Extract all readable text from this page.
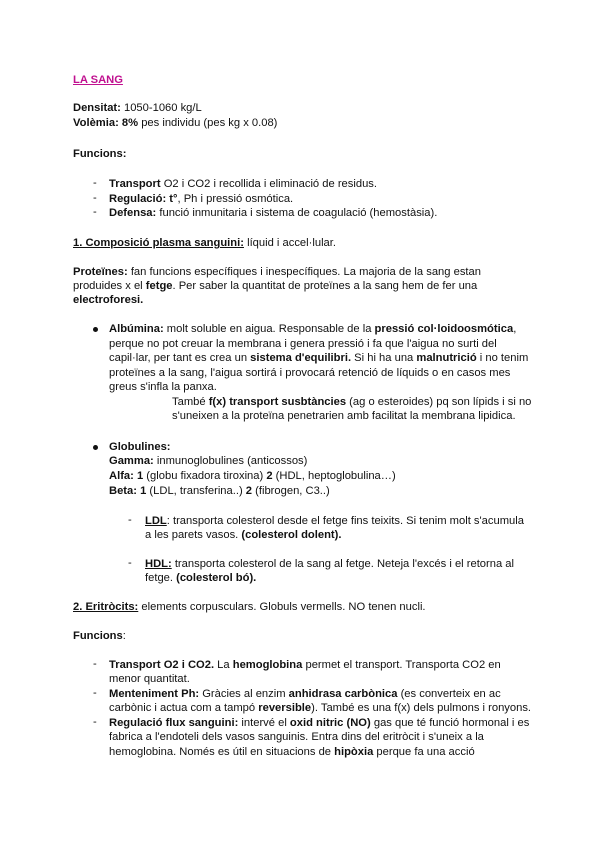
LA SANG
Densitat: 1050-1060 kg/L
Volèmia: 8% pes individu (pes kg x 0.08)
Funcions:
-	Transport O2 i CO2 i recollida i eliminació de residus.
-	Regulació: t°, Ph i pressió osmótica.
-	Defensa: funció inmunitaria i sistema de coagulació (hemostàsia).
1. Composició plasma sanguini: líquid i accel·lular.
Proteïnes: fan funcions específiques i inespecífiques. La majoria de la sang estan
produides x el fetge. Per saber la quantitat de proteïnes a la sang hem de fer una
electroforesi.
Albúmina: molt soluble en aigua. Responsable de la pressió col·loidoosmótica,
perque no pot creuar la membrana i genera pressió i fa que l'aigua no surti del
capil·lar, per tant es crea un sistema d'equilibri. Si hi ha una malnutrició i no tenim
proteïnes a la sang, l'aigua sortirá i provocará retenció de líquids o en casos mes
greus s'infla la panxa.
També f(x) transport susbtàncies (ag o esteroides) pq son lípids i si no
s'uneixen a la proteïna penetrarien amb facilitat la membrana lipidica.
Globulines:
Gamma: inmunoglobulines (anticossos)
Alfa: 1 (globu fixadora tiroxina) 2 (HDL, heptoglobulina…)
Beta: 1 (LDL, transferina..) 2 (fibrogen, C3..)
-	LDL: transporta colesterol desde el fetge fins teixits. Si tenim molt s'acumula
a les parets vasos. (colesterol dolent).
-	HDL: transporta colesterol de la sang al fetge. Neteja l'excés i el retorna al
fetge. (colesterol bó).
2. Eritròcits: elements corpusculars. Globuls vermells. NO tenen nucli.
Funcions:
-	Transport O2 i CO2. La hemoglobina permet el transport. Transporta CO2 en
menor quantitat.
-	Menteniment Ph: Gràcies al enzim anhidrasa carbònica (es converteix en ac
carbònic i actua com a tampó reversible). També es una f(x) dels pulmons i ronyons.
-	Regulació flux sanguini: intervé el oxid nitric (NO) gas que té funció hormonal i es
fabrica a l'endoteli dels vasos sanguinis. Entra dins del eritròcit i s'uneix a la
hemoglobina. Només es útil en situacions de hipòxia perque fa una acció
